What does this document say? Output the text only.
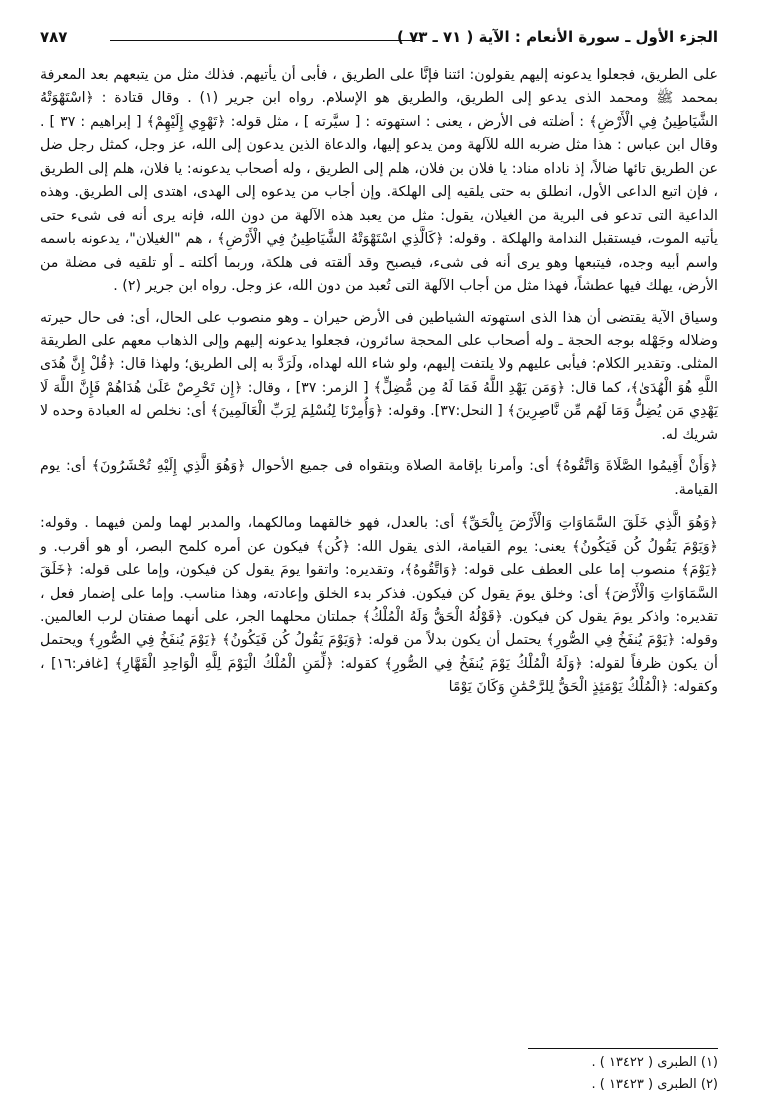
الجزء الأول ـ سورة الأنعام : الآية ( ٧١ ـ ٧٣ )
٧٨٧

على الطريق، فجعلوا يدعونه إليهم يقولون: ائتنا فإنَّا على الطريق ، فأبى أن يأتيهم. فذلك مثل من يتبعهم بعد المعرفة بمحمد ﷺ ومحمد الذى يدعو إلى الطريق، والطريق هو الإسلام. رواه ابن جرير (١) . وقال قتادة : ﴿اسْتَهْوَتْهُ الشَّيَاطِينُ فِي الْأَرْضِ﴾ : أضلته فى الأرض ، يعنى : استهوته : [ سيَّرته ] ، مثل قوله: ﴿تَهْوِي إِلَيْهِمْ﴾ [ إبراهيم : ٣٧ ] . وقال ابن عباس : هذا مثل ضربه الله للآلهة ومن يدعو إليها، والدعاة الذين يدعون إلى الله، عز وجل، كمثل رجل ضل عن الطريق تائها ضالاً، إذ ناداه مناد: يا فلان بن فلان، هلم إلى الطريق ، وله أصحاب يدعونه: يا فلان، هلم إلى الطريق ، فإن اتبع الداعى الأول، انطلق به حتى يلقيه إلى الهلكة. وإن أجاب من يدعوه إلى الهدى، اهتدى إلى الطريق. وهذه الداعية التى تدعو فى البرية من الغيلان، يقول: مثل من يعبد هذه الآلهة من دون الله، فإنه يرى أنه فى شىء حتى يأتيه الموت، فيستقبل الندامة والهلكة . وقوله: ﴿كَالَّذِي اسْتَهْوَتْهُ الشَّيَاطِينُ فِي الْأَرْضِ﴾ ، هم "الغيلان"، يدعونه باسمه واسم أبيه وجده، فيتبعها وهو يرى أنه فى شىء، فيصبح وقد ألقته فى هلكة، وربما أكلته ـ أو تلقيه فى مضلة من الأرض، يهلك فيها عطشاً، فهذا مثل من أجاب الآلهة التى تُعبد من دون الله، عز وجل. رواه ابن جرير (٢) .

وسياق الآية يقتضى أن هذا الذى استهوته الشياطين فى الأرض حيران ـ وهو منصوب على الحال، أى: فى حال حيرته وضلاله وجَهْله بوجه الحجة ـ وله أصحاب على المحجة سائرون، فجعلوا يدعونه إليهم وإلى الذهاب معهم على الطريقة المثلى. وتقدير الكلام: فيأبى عليهم ولا يلتفت إليهم، ولو شاء الله لهداه، ولَرَدَّ به إلى الطريق؛ ولهذا قال: ﴿قُلْ إِنَّ هُدَى اللَّهِ هُوَ الْهُدَىٰ﴾، كما قال: ﴿وَمَن يَهْدِ اللَّهُ فَمَا لَهُ مِن مُّضِلٍّ﴾ [ الزمر: ٣٧] ، وقال: ﴿إِن تَحْرِصْ عَلَىٰ هُدَاهُمْ فَإِنَّ اللَّهَ لَا يَهْدِي مَن يُضِلُّ وَمَا لَهُم مِّن نَّاصِرِينَ﴾ [ النحل:٣٧]. وقوله: ﴿وَأُمِرْنَا لِنُسْلِمَ لِرَبِّ الْعَالَمِينَ﴾ أى: نخلص له العبادة وحده لا شريك له.

﴿وَأَنْ أَقِيمُوا الصَّلَاةَ وَاتَّقُوهُ﴾ أى: وأمرنا بإقامة الصلاة وبتقواه فى جميع الأحوال ﴿وَهُوَ الَّذِي إِلَيْهِ تُحْشَرُونَ﴾ أى: يوم القيامة.

﴿وَهُوَ الَّذِي خَلَقَ السَّمَاوَاتِ وَالْأَرْضَ بِالْحَقِّ﴾ أى: بالعدل، فهو خالقهما ومالكهما، والمدبر لهما ولمن فيهما . وقوله: ﴿وَيَوْمَ يَقُولُ كُن فَيَكُونُ﴾ يعنى: يوم القيامة، الذى يقول الله: ﴿كُن﴾ فيكون عن أمره كلمح البصر، أو هو أقرب. و ﴿يَوْمَ﴾ منصوب إما على العطف على قوله: ﴿وَاتَّقُوهُ﴾، وتقديره: واتقوا يومَ يقول كن فيكون، وإما على قوله: ﴿خَلَقَ السَّمَاوَاتِ وَالْأَرْضَ﴾ أى: وخلق يومَ يقول كن فيكون. فذكر بدء الخلق وإعادته، وهذا مناسب. وإما على إضمار فعل ، تقديره: واذكر يومَ يقول كن فيكون. ﴿قَوْلُهُ الْحَقُّ وَلَهُ الْمُلْكُ﴾ جملتان محلهما الجر، على أنهما صفتان لرب العالمين. وقوله: ﴿يَوْمَ يُنفَخُ فِي الصُّورِ﴾ يحتمل أن يكون بدلاً من قوله: ﴿وَيَوْمَ يَقُولُ كُن فَيَكُونُ﴾ ﴿يَوْمَ يُنفَخُ فِي الصُّورِ﴾ ويحتمل أن يكون ظرفاً لقوله: ﴿وَلَهُ الْمُلْكُ يَوْمَ يُنفَخُ فِي الصُّورِ﴾ كقوله: ﴿لِّمَنِ الْمُلْكُ الْيَوْمَ لِلَّهِ الْوَاحِدِ الْقَهَّارِ﴾ [غافر:١٦] ، وكقوله: ﴿الْمُلْكُ يَوْمَئِذٍ الْحَقُّ لِلرَّحْمَٰنِ وَكَانَ يَوْمًا

(١) الطبرى ( ١٣٤٢٢ ) .
(٢) الطبرى ( ١٣٤٢٣ ) .
